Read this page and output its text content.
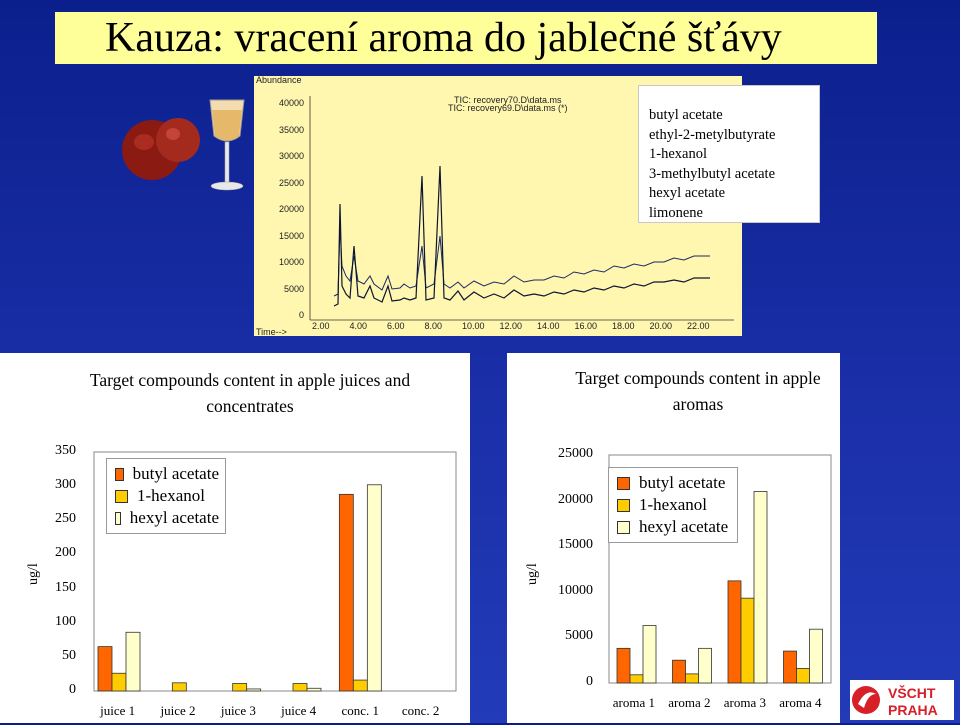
Kauza: vracení aroma do jablečné šťávy
Abundance
TIC: recovery70.D\data.ms
TIC: recovery69.D\data.ms (*)
Time-->
40000
35000
30000
25000
20000
15000
10000
5000
0
2.00 4.00 6.00 8.00 10.00 12.00 14.00 16.00 18.00 20.00 22.00
butyl acetate
ethyl-2-metylbutyrate
1-hexanol
3-methylbutyl acetate
hexyl acetate
limonene
Target compounds content in apple juices and concentrates
ug/l
350
300
250
200
150
100
50
0
juice 1 juice 2 juice 3 juice 4 conc. 1 conc. 2
butyl acetate
1-hexanol
hexyl acetate
Target compounds content in apple aromas
ug/l
25000
20000
15000
10000
5000
0
aroma 1 aroma 2 aroma 3 aroma 4
butyl acetate
1-hexanol
hexyl acetate
VŠCHT
PRAHA
